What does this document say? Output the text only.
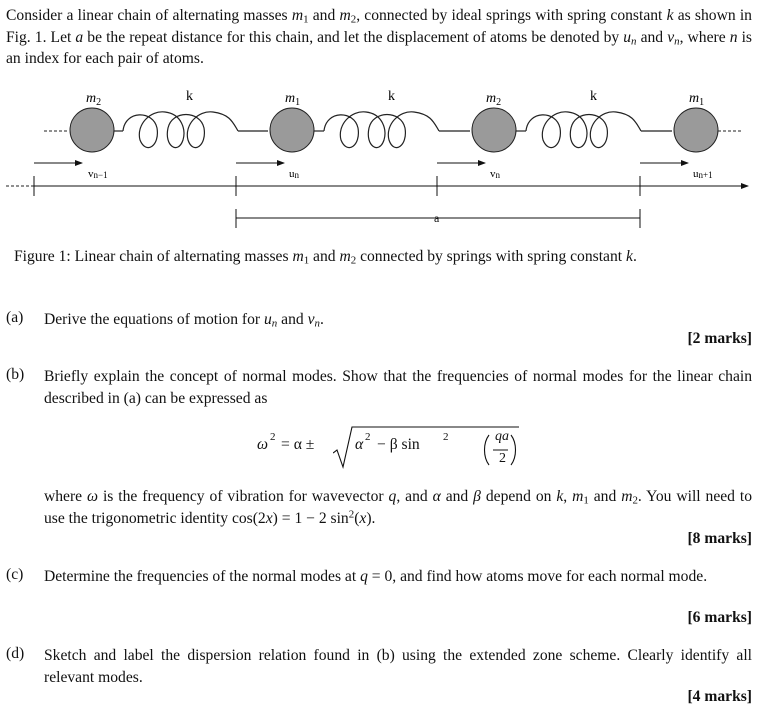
Consider a linear chain of alternating masses $m_1$ and $m_2$, connected by ideal springs with spring constant k as shown in Fig. 1. Let a be the repeat distance for this chain, and let the displacement of atoms be denoted by $u_n$ and $v_n$, where n is an index for each pair of atoms.
$m_2$	$m_1$	$m_2$	$m_1$
k	k	k
vn−1	un	vn	un+1
a
Figure 1: Linear chain of alternating masses $m_1$ and $m_2$ connected by springs with spring constant k.
(a)	Derive the equations of motion for $u_n$ and $v_n$.
[2 marks]
(b)	Briefly explain the concept of normal modes. Show that the frequencies of normal modes for the linear chain described in (a) can be expressed as
ω 2 = α ±	α 2 − β sin 2	qa
2
where ω is the frequency of vibration for wavevector q, and α and β depend on k, $m_1$ and $m_2$. You will need to use the trigonometric identity cos(2x) = 1 − 2 $\sin^2(x)$.
[8 marks]
(c)	Determine the frequencies of the normal modes at q = 0, and find how atoms move for each normal mode.
[6 marks]
(d)	Sketch and label the dispersion relation found in (b) using the extended zone scheme. Clearly identify all relevant modes.
[4 marks]
